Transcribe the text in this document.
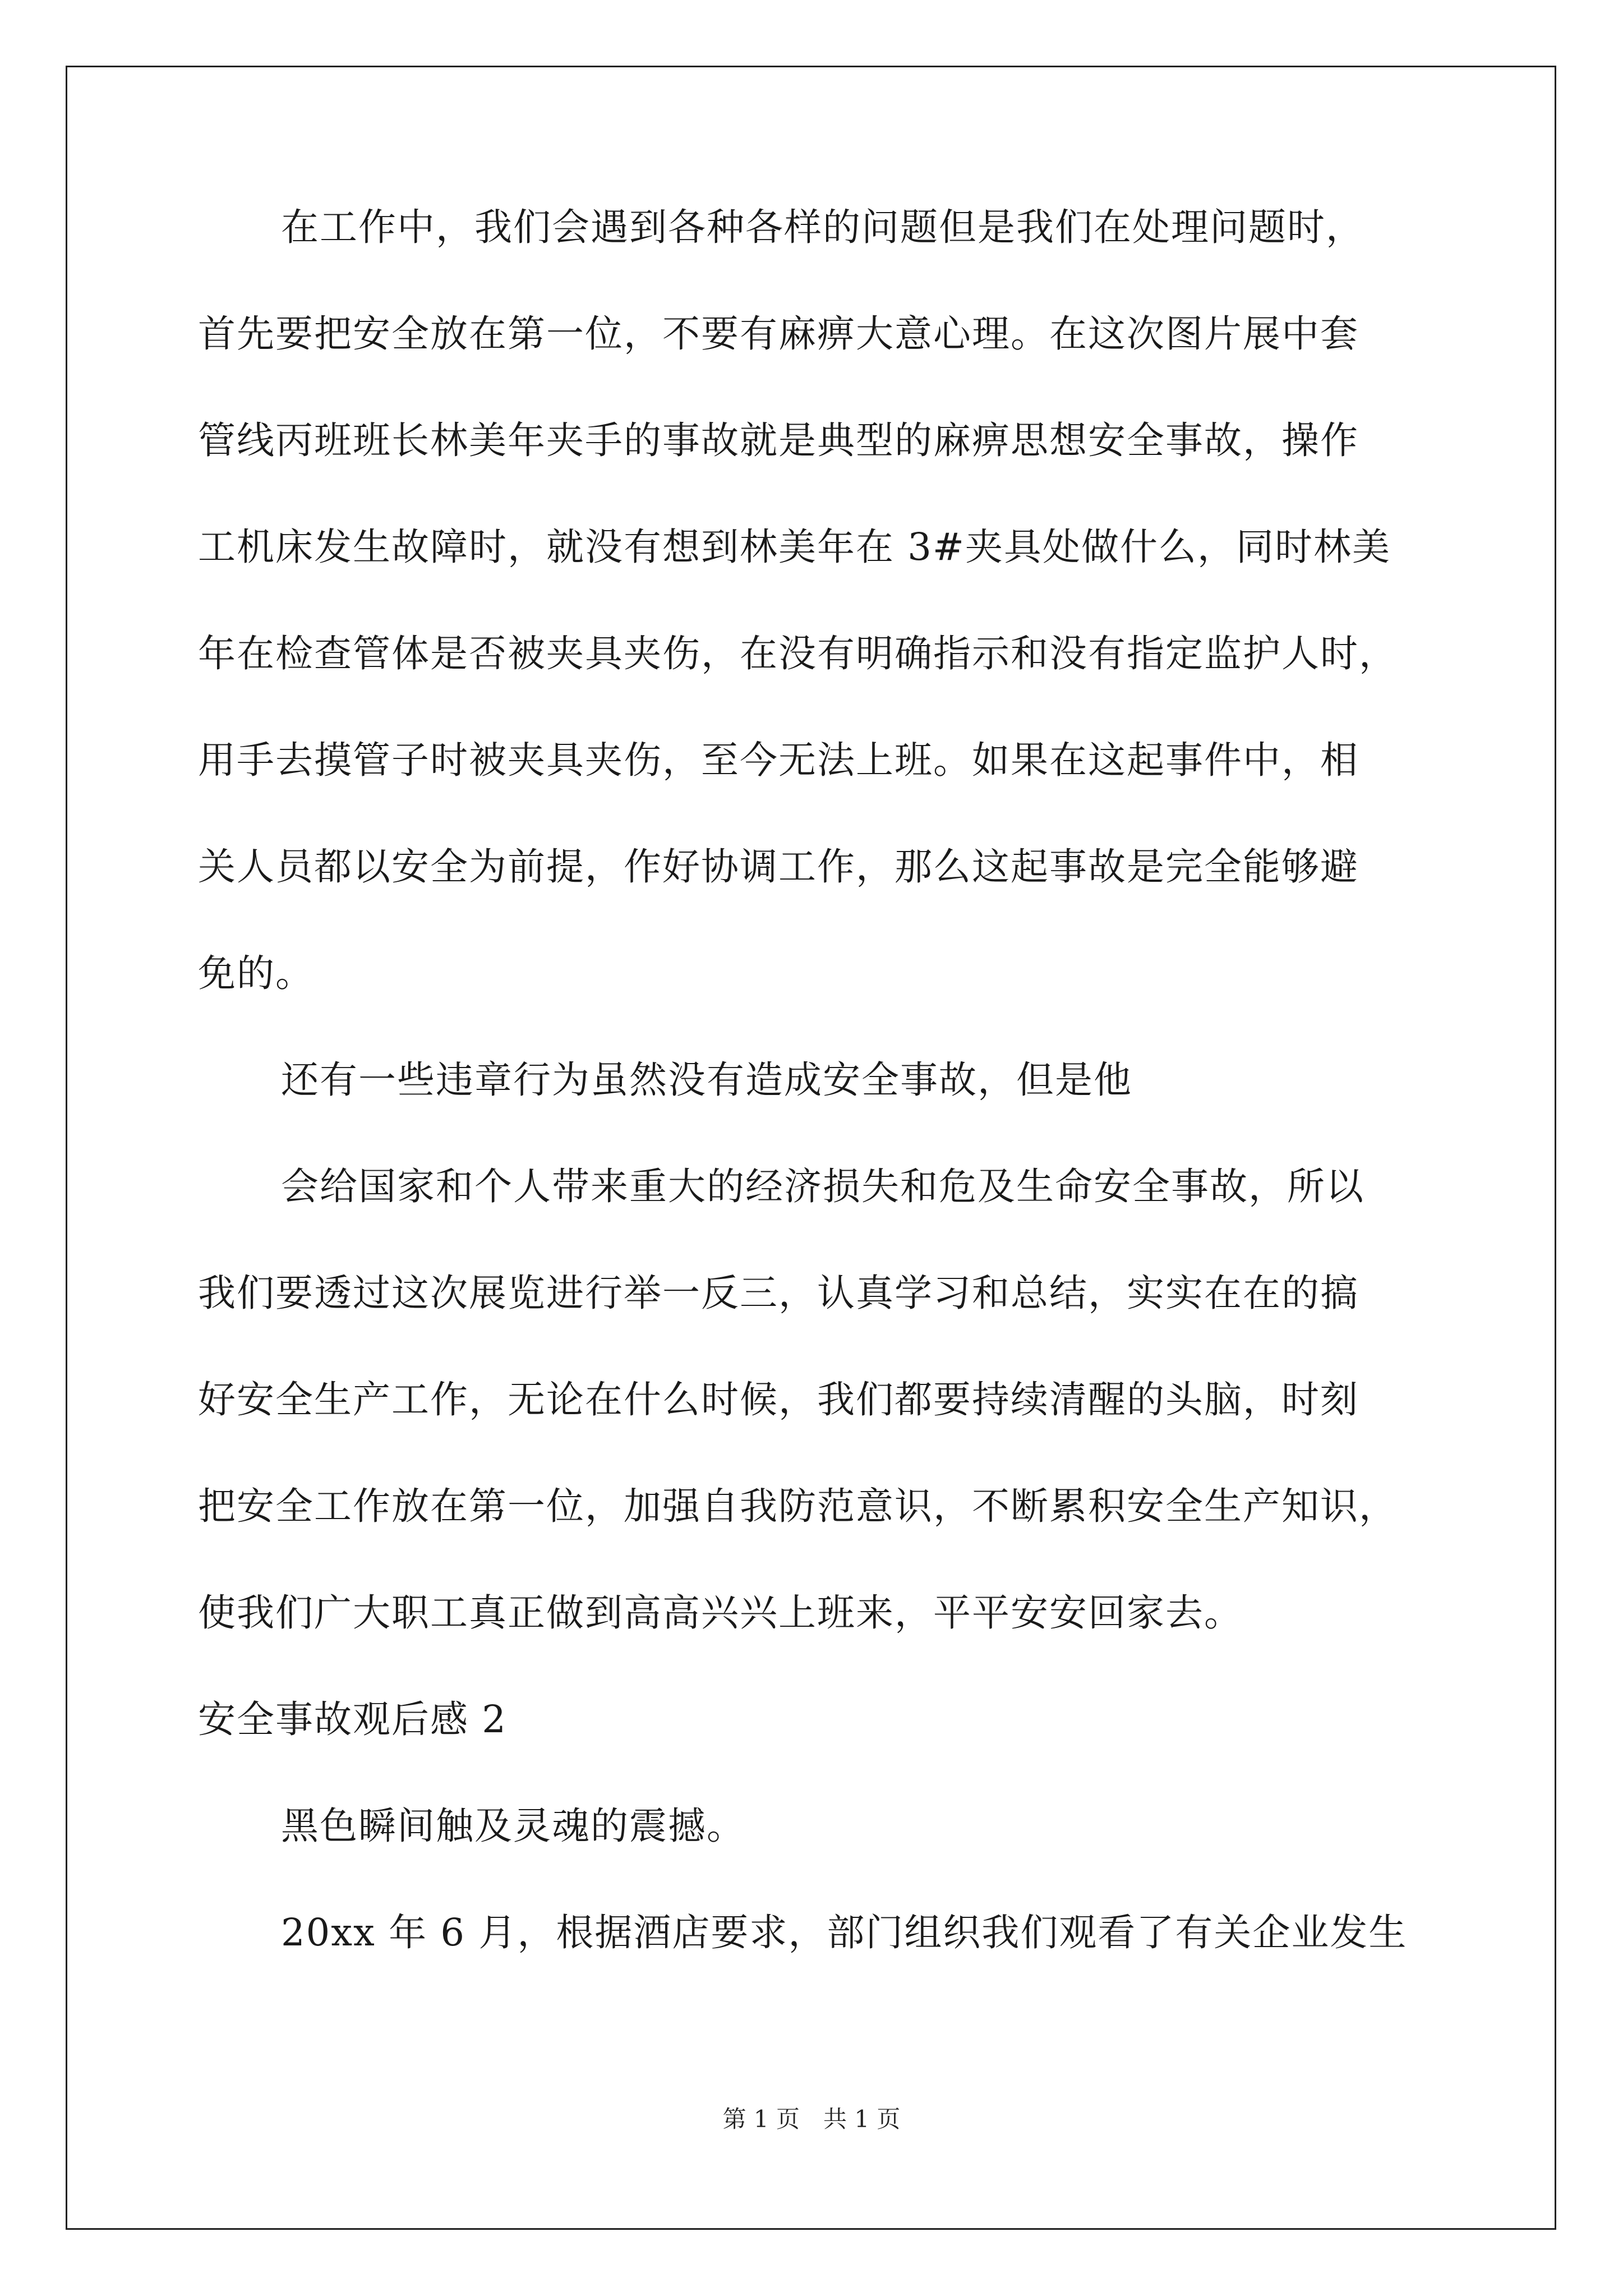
在工作中，我们会遇到各种各样的问题但是我们在处理问题时，
首先要把安全放在第一位，不要有麻痹大意心理。在这次图片展中套
管线丙班班长林美年夹手的事故就是典型的麻痹思想安全事故，操作
工机床发生故障时，就没有想到林美年在 3#夹具处做什么，同时林美
年在检查管体是否被夹具夹伤，在没有明确指示和没有指定监护人时，
用手去摸管子时被夹具夹伤，至今无法上班。如果在这起事件中，相
关人员都以安全为前提，作好协调工作，那么这起事故是完全能够避
免的。
还有一些违章行为虽然没有造成安全事故，但是他
会给国家和个人带来重大的经济损失和危及生命安全事故，所以
我们要透过这次展览进行举一反三，认真学习和总结，实实在在的搞
好安全生产工作，无论在什么时候，我们都要持续清醒的头脑，时刻
把安全工作放在第一位，加强自我防范意识，不断累积安全生产知识，
使我们广大职工真正做到高高兴兴上班来，平平安安回家去。
安全事故观后感 2
黑色瞬间触及灵魂的震撼。
20xx 年 6 月，根据酒店要求，部门组织我们观看了有关企业发生
第 1 页　共 1 页
